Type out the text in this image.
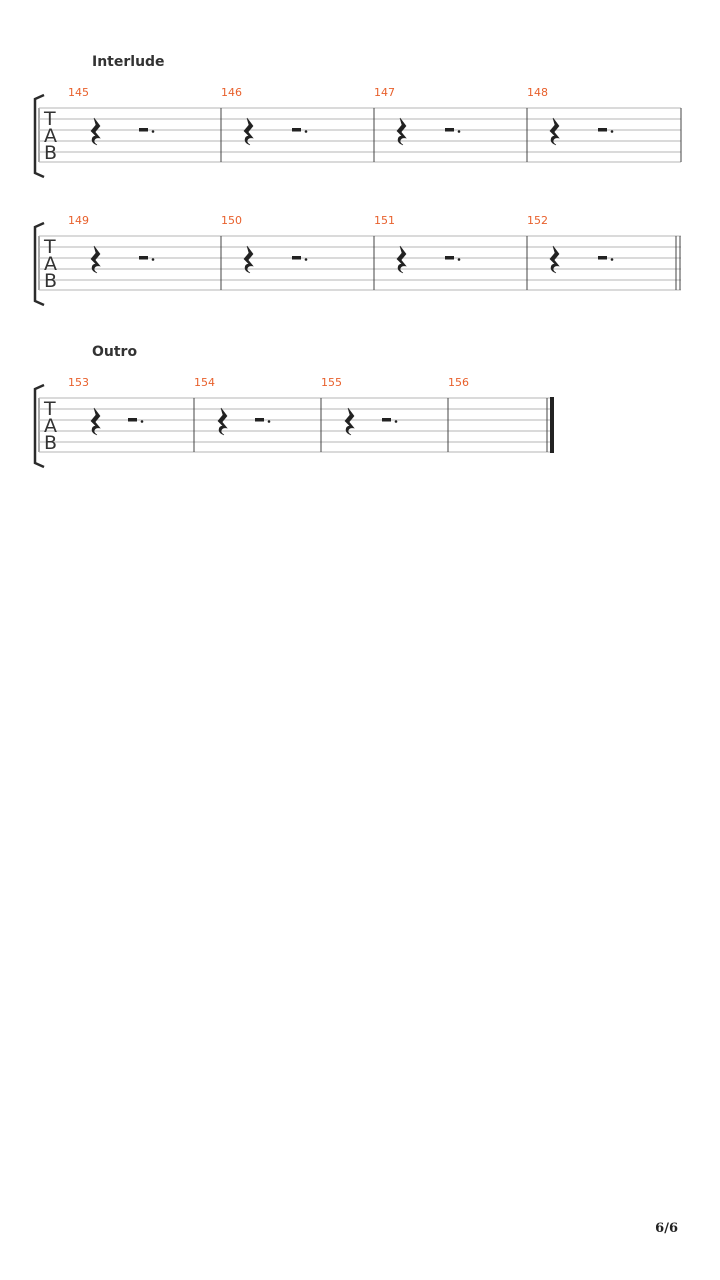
Interlude
T
A
B
145	146	147	148
T
A
B
149	150	151	152
Outro
T
A
B
153	154	155	156
6/6
